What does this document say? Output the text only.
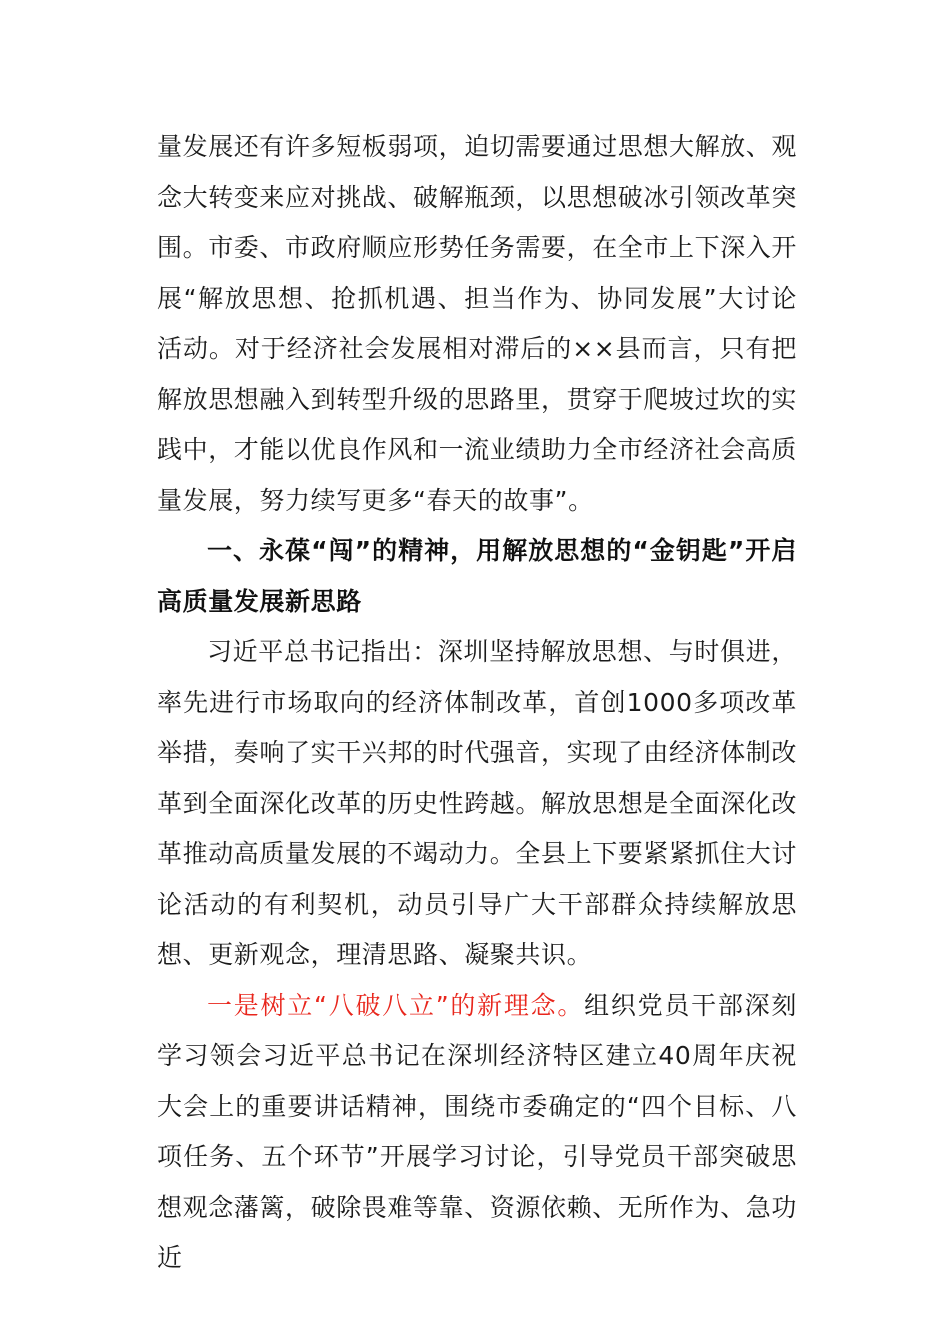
量发展还有许多短板弱项，迫切需要通过思想大解放、观念大转变来应对挑战、破解瓶颈，以思想破冰引领改革突围。市委、市政府顺应形势任务需要，在全市上下深入开展“解放思想、抢抓机遇、担当作为、协同发展”大讨论活动。对于经济社会发展相对滞后的××县而言，只有把解放思想融入到转型升级的思路里，贯穿于爬坡过坎的实践中，才能以优良作风和一流业绩助力全市经济社会高质量发展，努力续写更多“春天的故事”。

一、永葆“闯”的精神，用解放思想的“金钥匙”开启高质量发展新思路

习近平总书记指出：深圳坚持解放思想、与时俱进，率先进行市场取向的经济体制改革，首创1000多项改革举措，奏响了实干兴邦的时代强音，实现了由经济体制改革到全面深化改革的历史性跨越。解放思想是全面深化改革推动高质量发展的不竭动力。全县上下要紧紧抓住大讨论活动的有利契机，动员引导广大干部群众持续解放思想、更新观念，理清思路、凝聚共识。

一是树立“八破八立”的新理念。组织党员干部深刻学习领会习近平总书记在深圳经济特区建立40周年庆祝大会上的重要讲话精神，围绕市委确定的“四个目标、八项任务、五个环节”开展学习讨论，引导党员干部突破思想观念藩篱，破除畏难等靠、资源依赖、无所作为、急功近
